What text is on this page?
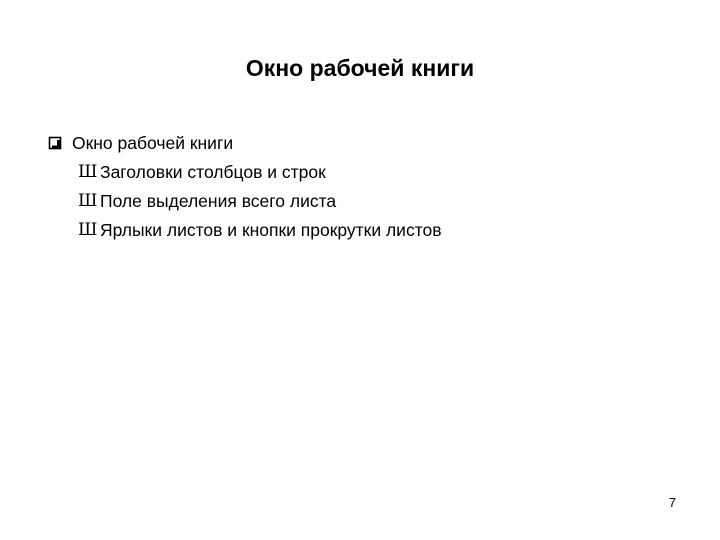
Окно рабочей книги
Окно рабочей книги
Ш Заголовки столбцов и строк
Ш Поле выделения всего листа
Ш Ярлыки листов и кнопки прокрутки листов
7
